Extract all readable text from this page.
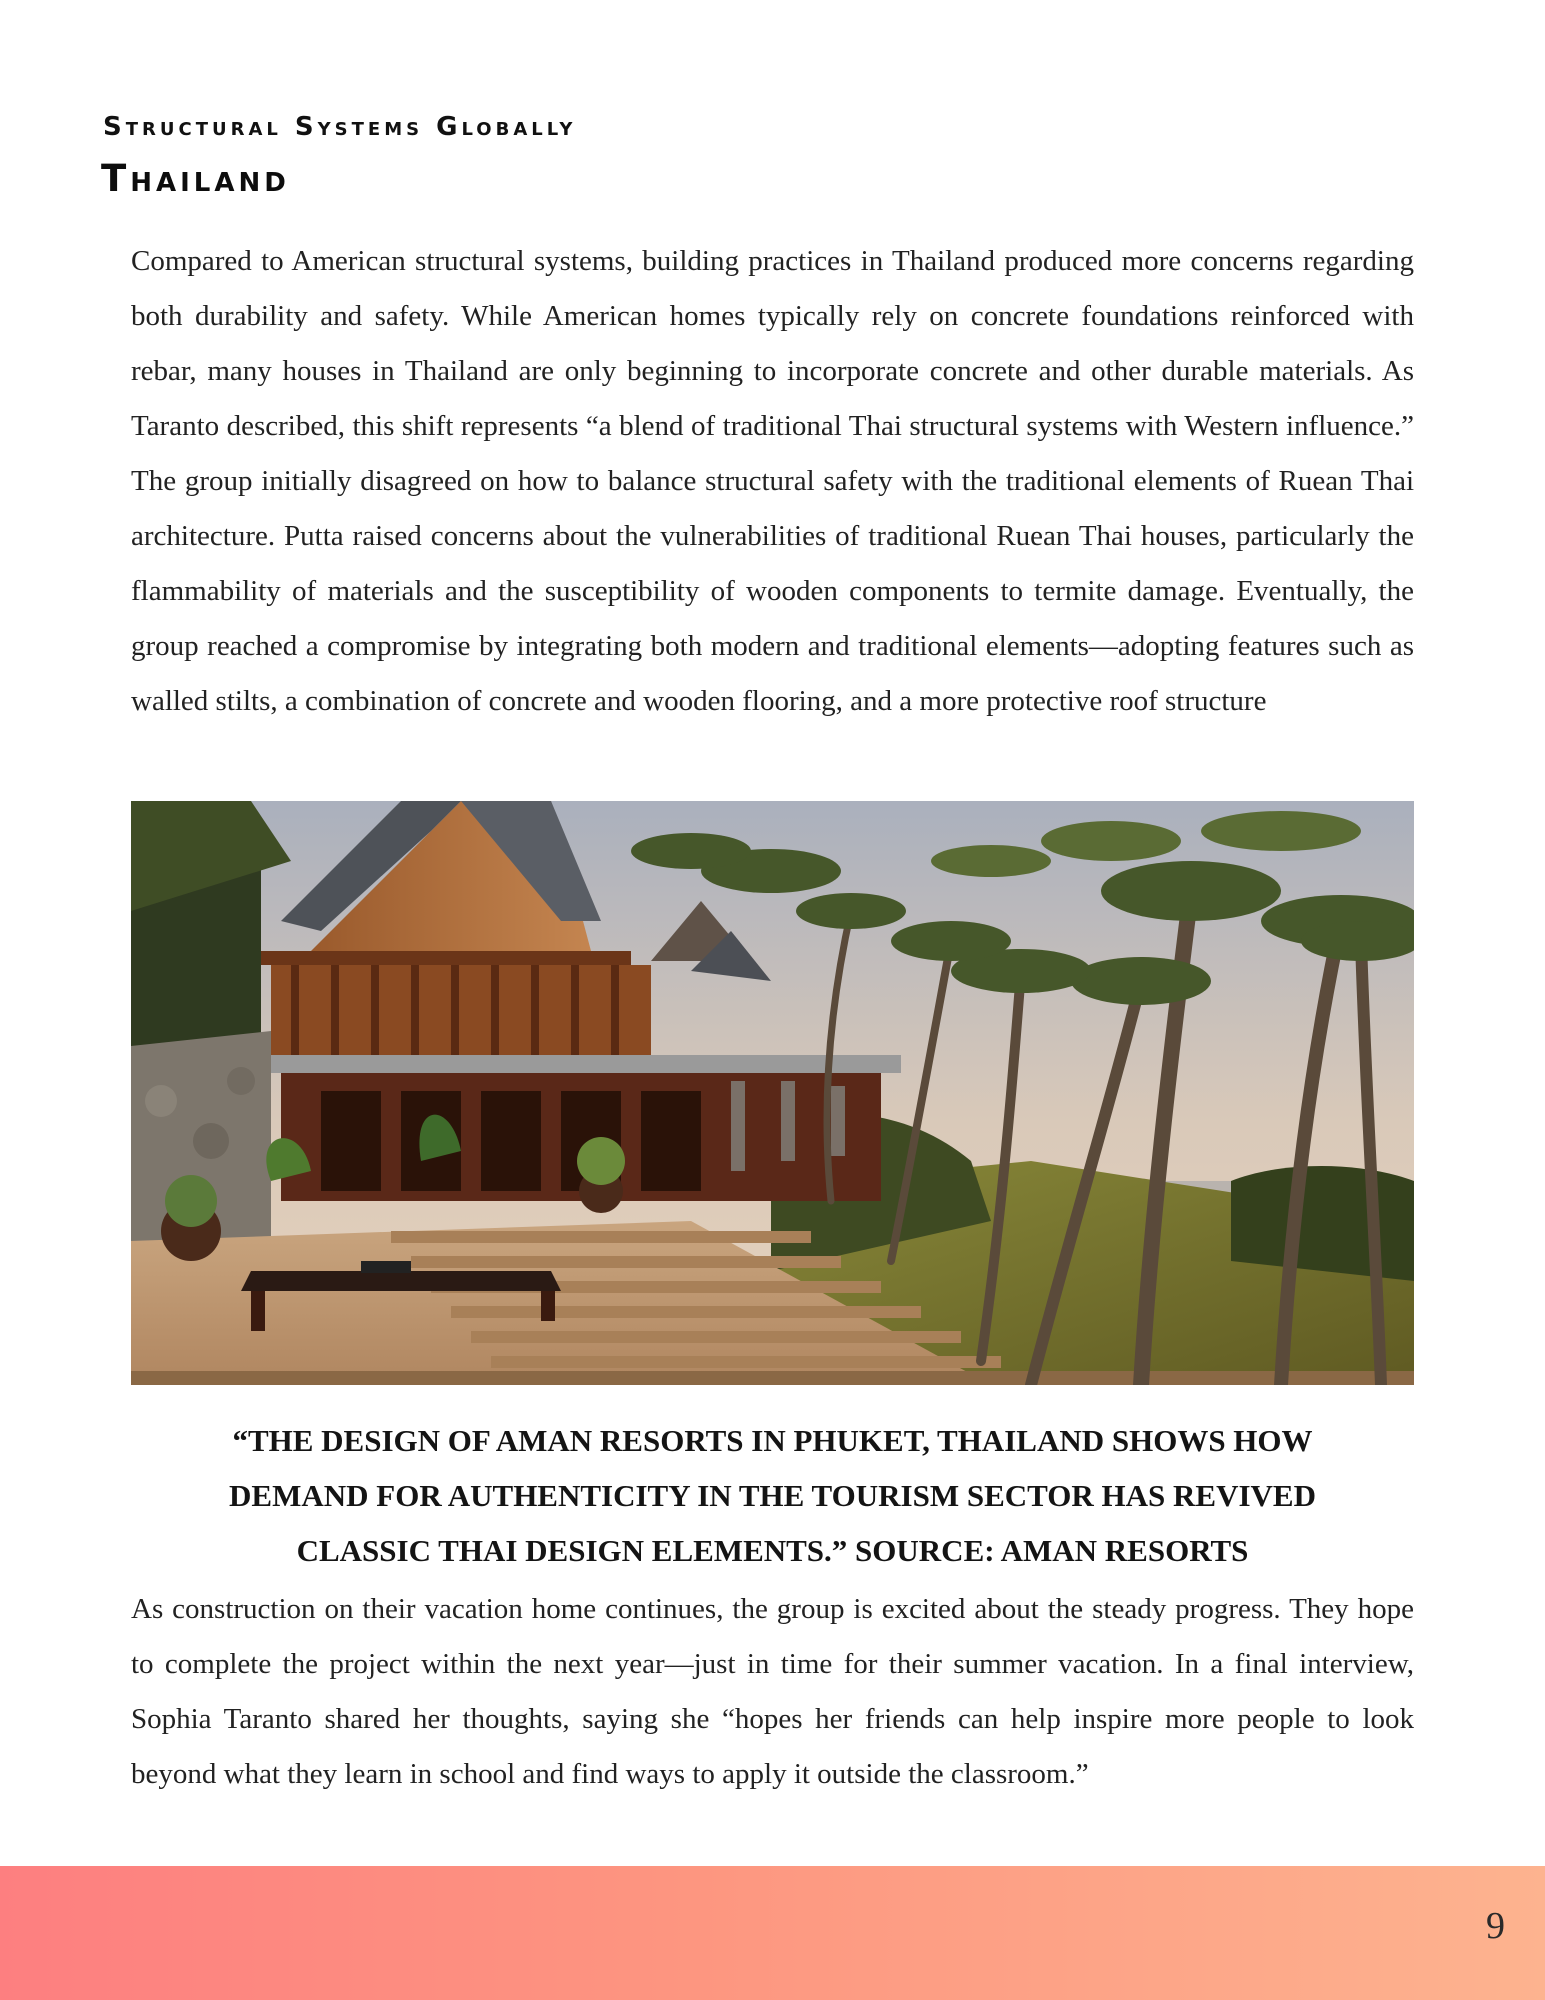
Structural Systems Globally
Thailand

Compared to American structural systems, building practices in Thailand produced more concerns regarding both durability and safety. While American homes typically rely on concrete foundations reinforced with rebar, many houses in Thailand are only beginning to incorporate concrete and other durable materials. As Taranto described, this shift represents “a blend of traditional Thai structural systems with Western influence.” The group initially disagreed on how to balance structural safety with the traditional elements of Ruean Thai architecture. Putta raised concerns about the vulnerabilities of traditional Ruean Thai houses, particularly the flammability of materials and the susceptibility of wooden components to termite damage. Eventually, the group reached a compromise by integrating both modern and traditional elements—adopting features such as walled stilts, a combination of concrete and wooden flooring, and a more protective roof structure

“THE DESIGN OF AMAN RESORTS IN PHUKET, THAILAND SHOWS HOW DEMAND FOR AUTHENTICITY IN THE TOURISM SECTOR HAS REVIVED CLASSIC THAI DESIGN ELEMENTS.” SOURCE: AMAN RESORTS

As construction on their vacation home continues, the group is excited about the steady progress. They hope to complete the project within the next year—just in time for their summer vacation. In a final interview, Sophia Taranto shared her thoughts, saying she “hopes her friends can help inspire more people to look beyond what they learn in school and find ways to apply it outside the classroom.”

9
